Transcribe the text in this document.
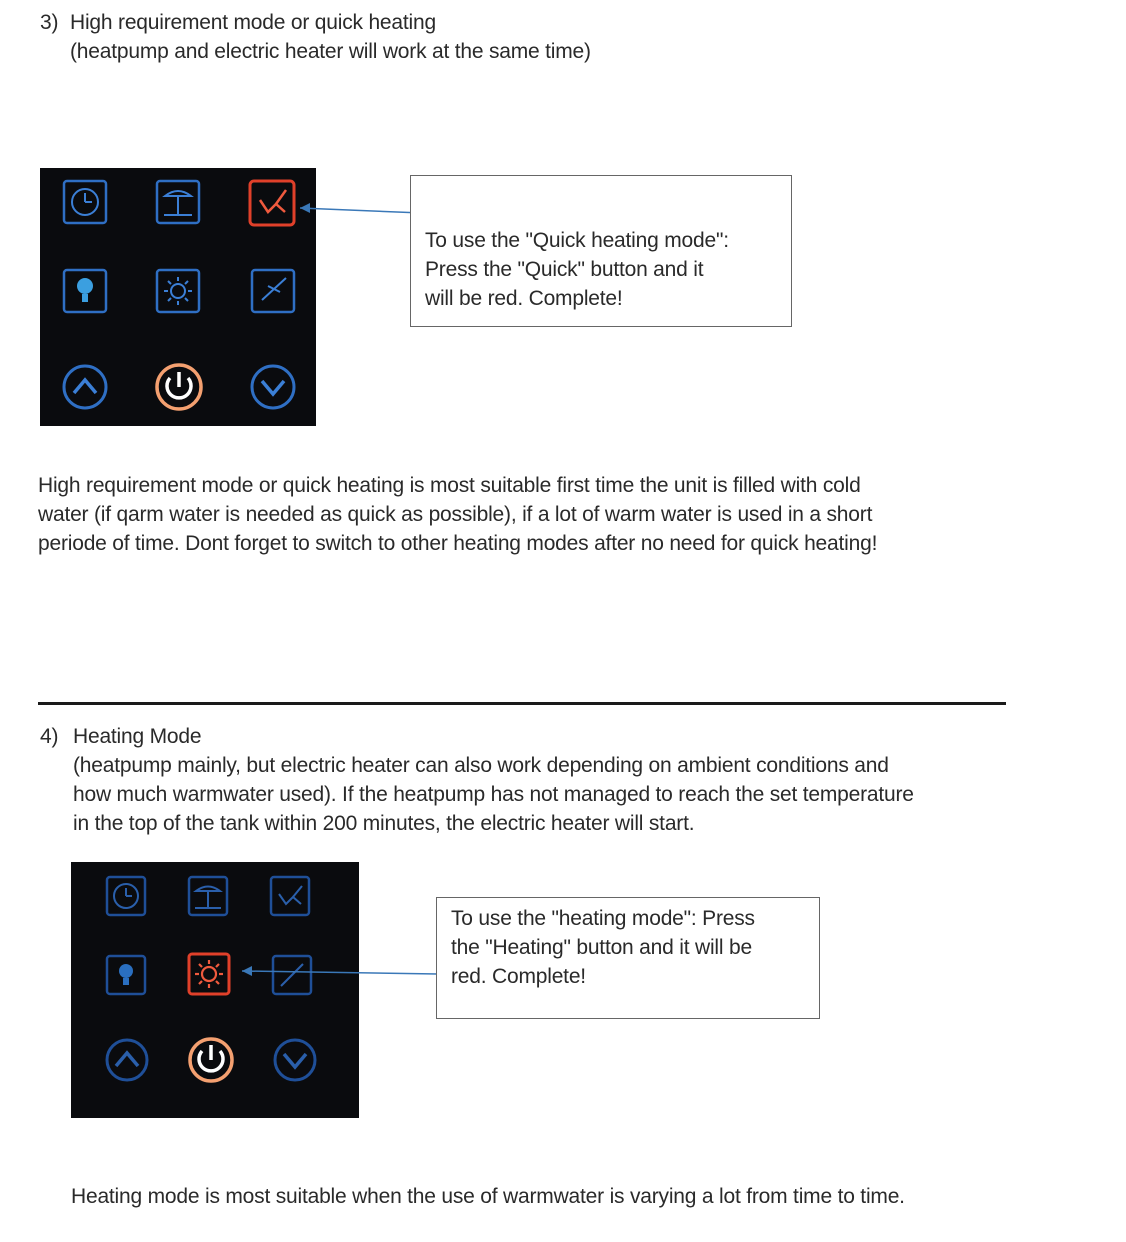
3) High requirement mode or quick heating
(heatpump and electric heater will work at the same time)
To use the "Quick heating mode":
Press the "Quick" button and it
will be red. Complete!
High requirement mode or quick heating is most suitable first time the unit is filled with cold
water (if qarm water is needed as quick as possible), if a lot of warm water is used in a short
periode of time. Dont forget to switch to other heating modes after no need for quick heating!
4) Heating Mode
(heatpump mainly, but electric heater can also work depending on ambient conditions and
how much warmwater used). If the heatpump has not managed to reach the set temperature
in the top of the tank within 200 minutes, the electric heater will start.
To use the "heating mode": Press
the "Heating" button and it will be
red. Complete!
Heating mode is most suitable when the use of warmwater is varying a lot from time to time.
